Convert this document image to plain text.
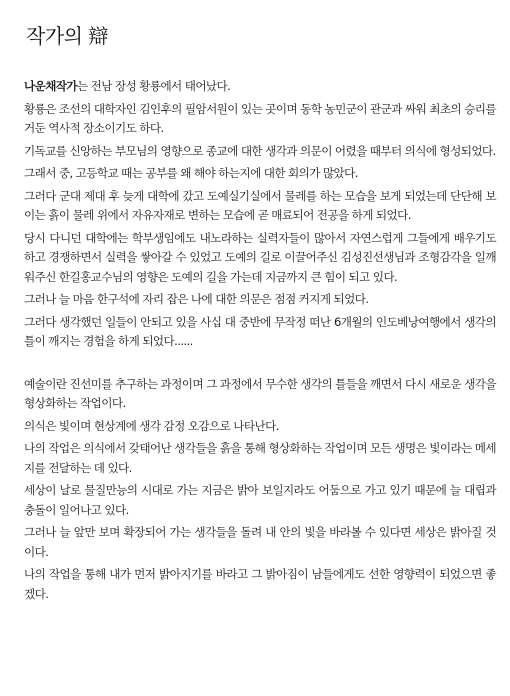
작가의 辯

나운채작가는 전남 장성 황룡에서 태어났다.

황룡은 조선의 대학자인 김인후의 필암서원이 있는 곳이며 동학 농민군이 관군과 싸워 최초의 승리를 거둔 역사적 장소이기도 하다.

기독교를 신앙하는 부모님의 영향으로 종교에 대한 생각과 의문이 어렸을 때부터 의식에 형성되었다.

그래서 중, 고등학교 때는 공부를 왜 해야 하는지에 대한 회의가 많았다.

그러다 군대 제대 후 늦게 대학에 갔고 도예실기실에서 물레를 하는 모습을 보게 되었는데 단단해 보이는 흙이 물레 위에서 자유자재로 변하는 모습에 곧 매료되어 전공을 하게 되었다.

당시 다니던 대학에는 학부생임에도 내노라하는 실력자들이 많아서 자연스럽게 그들에게 배우기도 하고 경쟁하면서 실력을 쌓아갈 수 있었고 도예의 길로 이끌어주신 김성진선생님과 조형감각을 일깨워주신 한길홍교수님의 영향은 도예의 길을 가는데 지금까지 큰 힘이 되고 있다.

그러나 늘 마음 한구석에 자리 잡은 나에 대한 의문은 점점 커지게 되었다.

그러다 생각했던 일들이 안되고 있을 사십 대 중반에 무작정 떠난 6개월의 인도베낭여행에서 생각의 틀이 깨지는 경험을 하게 되었다......

예술이란 진선미를 추구하는 과정이며 그 과정에서 무수한 생각의 틀들을 깨면서 다시 새로운 생각을 형상화하는 작업이다.

의식은 빛이며 현상계에 생각 감정 오감으로 나타난다.

나의 작업은 의식에서 갖태어난 생각들을 흙을 통해 형상화하는 작업이며 모든 생명은 빛이라는 메세지를 전달하는 데 있다.

세상이 날로 물질만능의 시대로 가는 지금은 밝아 보일지라도 어둠으로 가고 있기 때문에 늘 대립과 충돌이 일어나고 있다.

그러나 늘 앞만 보며 확장되어 가는 생각들을 돌려 내 안의 빛을 바라볼 수 있다면 세상은 밝아질 것이다.

나의 작업을 통해 내가 먼저 밝아지기를 바라고 그 밝아짐이 남들에게도 선한 영향력이 되었으면 좋겠다.
